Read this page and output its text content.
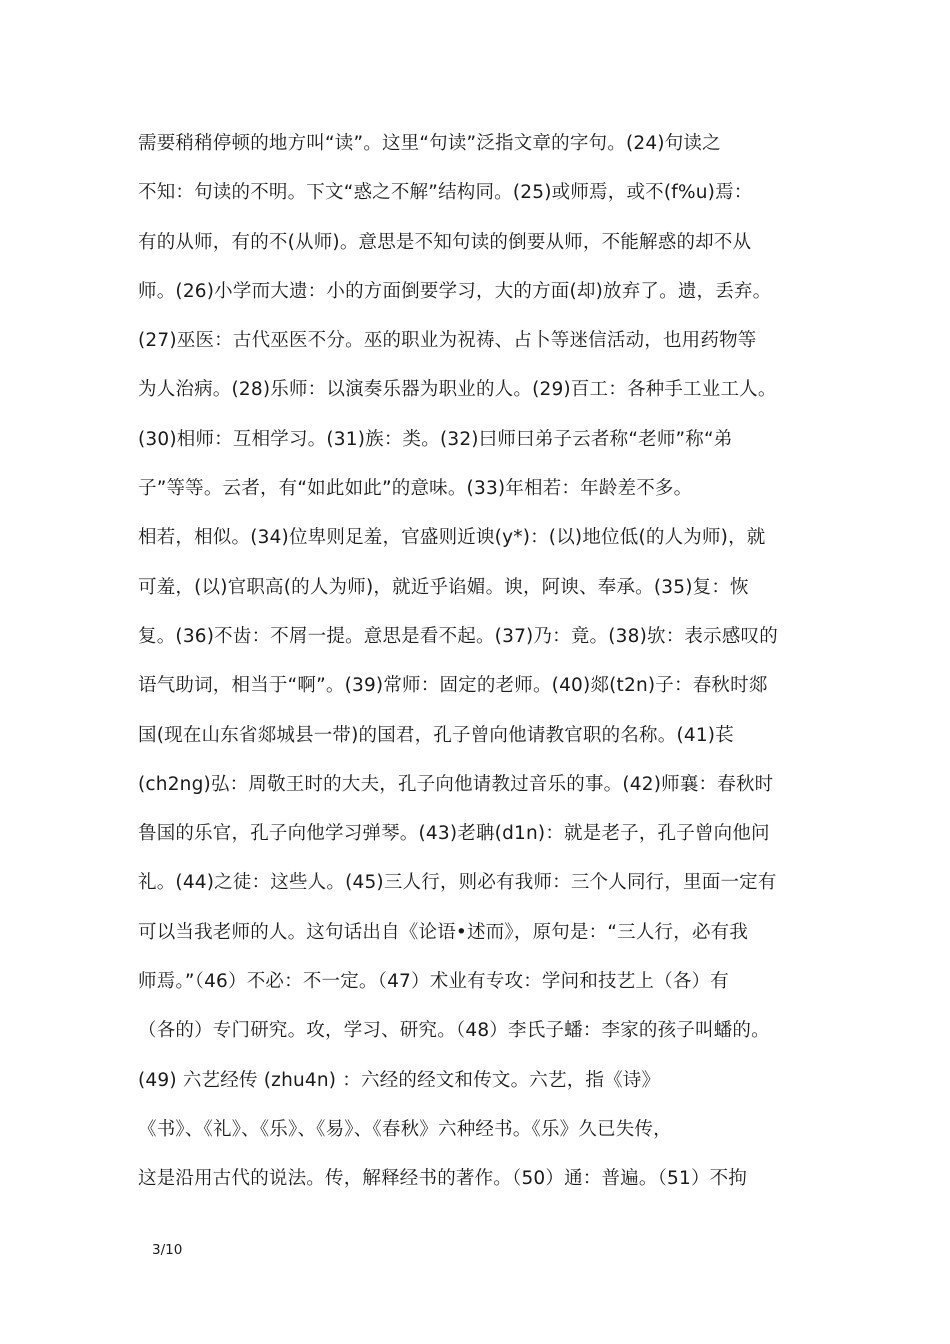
需要稍稍停顿的地方叫“读”。这里“句读”泛指文章的字句。(24)句读之
不知：句读的不明。下文“惑之不解”结构同。(25)或师焉，或不(f%u)焉：
有的从师，有的不(从师)。意思是不知句读的倒要从师，不能解惑的却不从
师。(26)小学而大遗：小的方面倒要学习，大的方面(却)放弃了。遗，丢弃。
(27)巫医：古代巫医不分。巫的职业为祝祷、占卜等迷信活动，也用药物等
为人治病。(28)乐师：以演奏乐器为职业的人。(29)百工：各种手工业工人。
(30)相师：互相学习。(31)族：类。(32)曰师曰弟子云者称“老师”称“弟
子”等等。云者，有“如此如此”的意味。(33)年相若：年龄差不多。
相若，相似。(34)位卑则足羞，官盛则近谀(y*)：(以)地位低(的人为师)，就
可羞，(以)官职高(的人为师)，就近乎谄媚。谀，阿谀、奉承。(35)复：恢
复。(36)不齿：不屑一提。意思是看不起。(37)乃：竟。(38)欤：表示感叹的
语气助词，相当于“啊”。(39)常师：固定的老师。(40)郯(t2n)子：春秋时郯
国(现在山东省郯城县一带)的国君，孔子曾向他请教官职的名称。(41)苌
(ch2ng)弘：周敬王时的大夫，孔子向他请教过音乐的事。(42)师襄：春秋时
鲁国的乐官，孔子向他学习弹琴。(43)老聃(d1n)：就是老子，孔子曾向他问
礼。(44)之徒：这些人。(45)三人行，则必有我师：三个人同行，里面一定有
可以当我老师的人。这句话出自《论语•述而》，原句是：“三人行，必有我
师焉。”（46）不必：不一定。（47）术业有专攻：学问和技艺上（各）有
（各的）专门研究。攻，学习、研究。（48）李氏子蟠：李家的孩子叫蟠的。
(49) 六艺经传 (zhu4n) ：六经的经文和传文。六艺，指《诗》
《书》、《礼》、《乐》、《易》、《春秋》六种经书。《乐》久已失传，
这是沿用古代的说法。传，解释经书的著作。（50）通：普遍。（51）不拘
3/10
